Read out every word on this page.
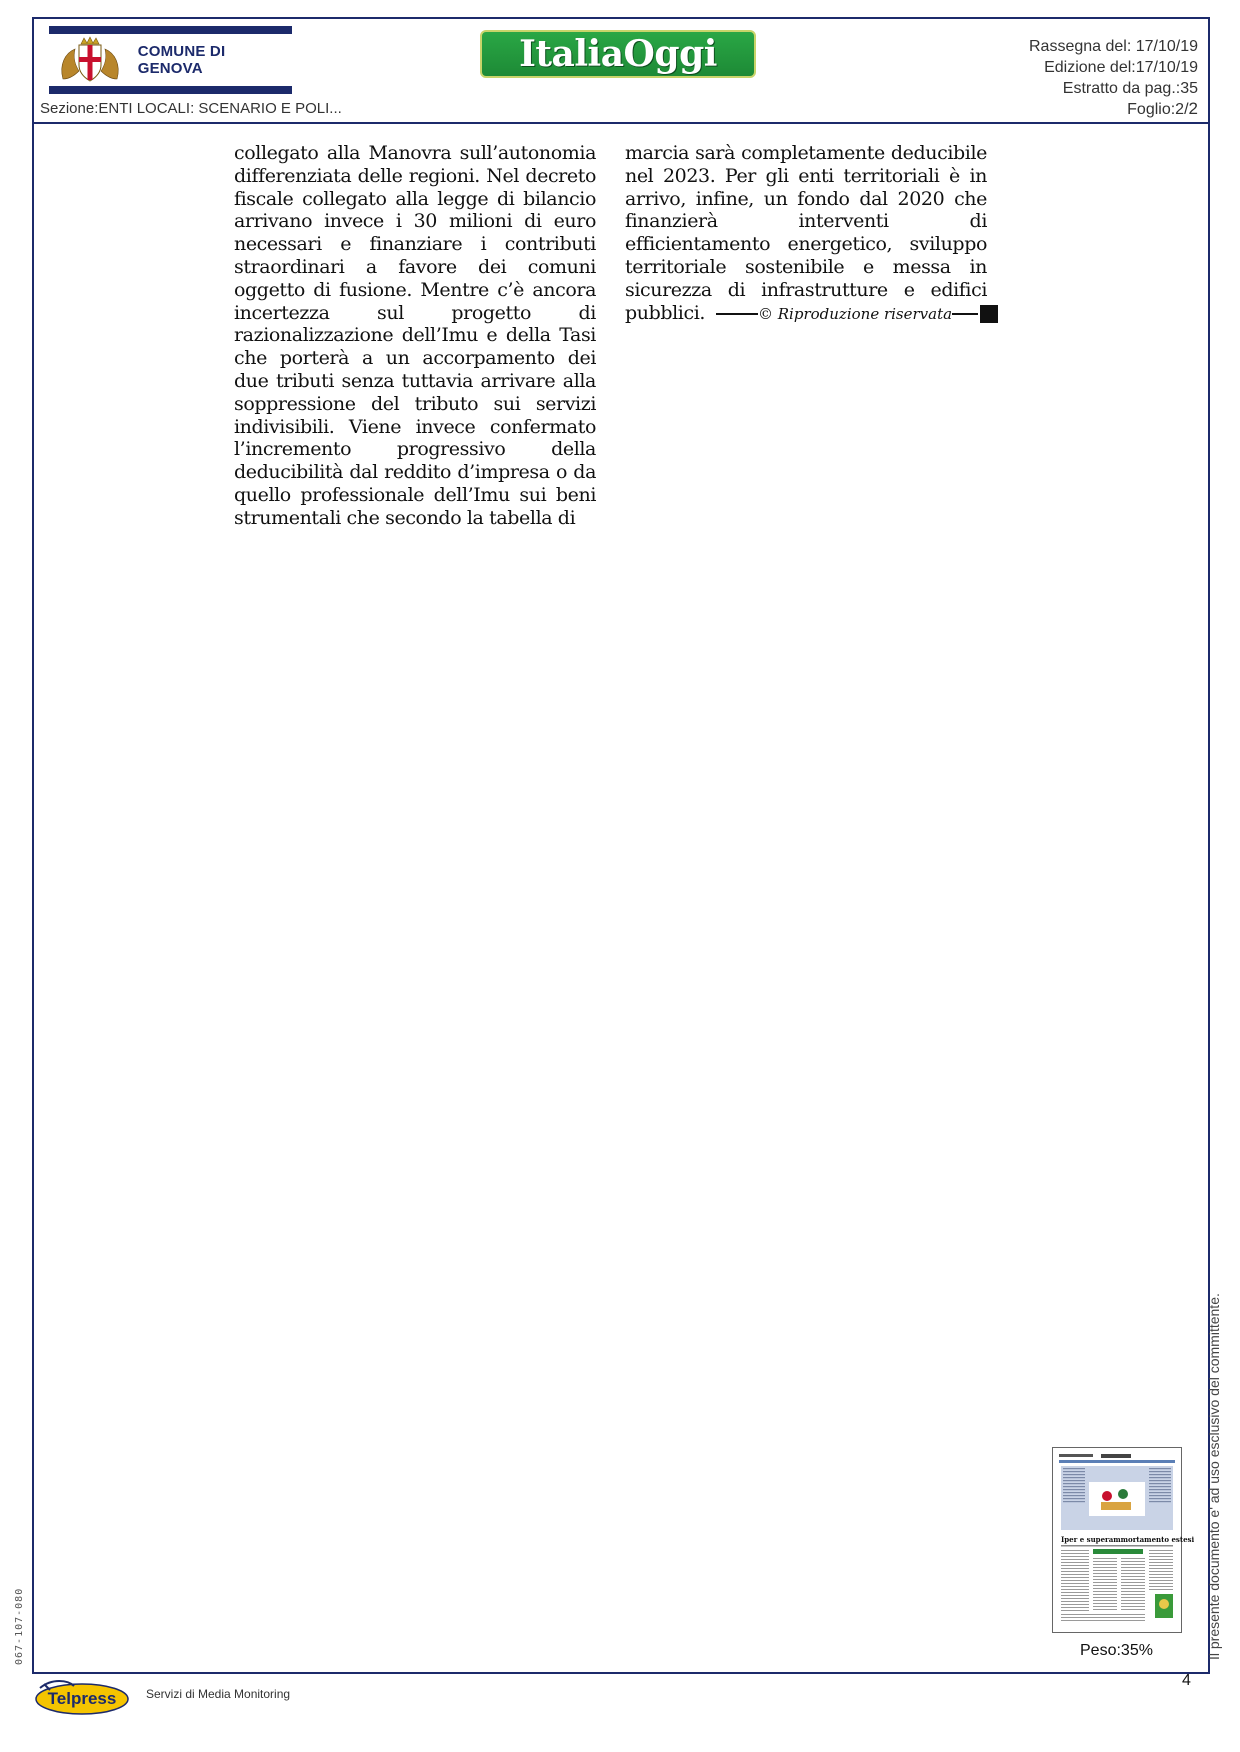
COMUNE DI GENOVA	ItaliaOggi	Rassegna del: 17/10/19
Edizione del:17/10/19
Estratto da pag.:35
Sezione:ENTI LOCALI: SCENARIO E POLI...	Foglio:2/2

collegato alla Manovra sull’autonomia differenziata delle regioni. Nel decreto fiscale collegato alla legge di bilancio arrivano invece i 30 milioni di euro necessari e finanziare i contributi straordinari a favore dei comuni oggetto di fusione. Mentre c’è ancora incertezza sul progetto di razionalizzazione dell’Imu e della Tasi che porterà a un accorpamento dei due tributi senza tuttavia arrivare alla soppressione del tributo sui servizi indivisibili. Viene invece confermato l’incremento progressivo della deducibilità dal reddito d’impresa o da quello professionale dell’Imu sui beni strumentali che secondo la tabella di

marcia sarà completamente deducibile nel 2023. Per gli enti territoriali è in arrivo, infine, un fondo dal 2020 che finanzierà interventi di efficientamento energetico, sviluppo territoriale sostenibile e messa in sicurezza di infrastrutture e edifici pubblici.	© Riproduzione riservata
Il presente documento e' ad uso esclusivo del committente.
067-107-080
Iper e superammortamento estesi
Peso:35%
4
Telpress Servizi di Media Monitoring
